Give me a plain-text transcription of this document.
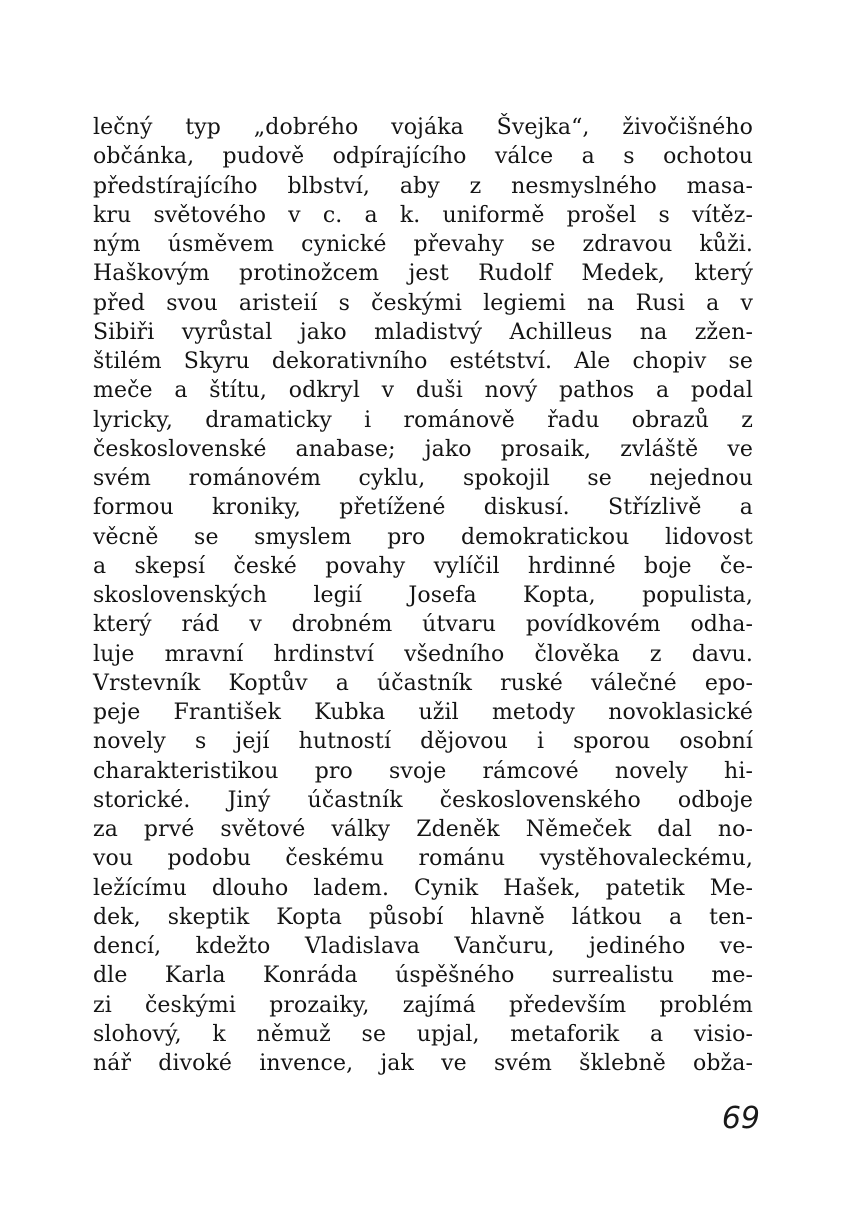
lečný typ „dobrého vojáka Švejka“, živočišného
občánka, pudově odpírajícího válce a s ochotou
předstírajícího blbství, aby z nesmyslného masa-
kru světového v c. a k. uniformě prošel s vítěz-
ným úsměvem cynické převahy se zdravou kůži.
Haškovým protinožcem jest Rudolf Medek, který
před svou aristeií s českými legiemi na Rusi a v
Sibiři vyrůstal jako mladistvý Achilleus na zžen-
štilém Skyru dekorativního estétství. Ale chopiv se
meče a štítu, odkryl v duši nový pathos a podal
lyricky, dramaticky i románově řadu obrazů z
československé anabase; jako prosaik, zvláště ve
svém románovém cyklu, spokojil se nejednou
formou kroniky, přetížené diskusí. Střízlivě a
věcně se smyslem pro demokratickou lidovost
a skepsí české povahy vylíčil hrdinné boje če-
skoslovenských legií Josefa Kopta, populista,
který rád v drobném útvaru povídkovém odha-
luje mravní hrdinství všedního člověka z davu.
Vrstevník Koptův a účastník ruské válečné epo-
peje František Kubka užil metody novoklasické
novely s její hutností dějovou i sporou osobní
charakteristikou pro svoje rámcové novely hi-
storické. Jiný účastník československého odboje
za prvé světové války Zdeněk Němeček dal no-
vou podobu českému románu vystěhovaleckému,
ležícímu dlouho ladem. Cynik Hašek, patetik Me-
dek, skeptik Kopta působí hlavně látkou a ten-
dencí, kdežto Vladislava Vančuru, jediného ve-
dle Karla Konráda úspěšného surrealistu me-
zi českými prozaiky, zajímá především problém
slohový, k němuž se upjal, metaforik a visio-
nář divoké invence, jak ve svém šklebně obža-
69
